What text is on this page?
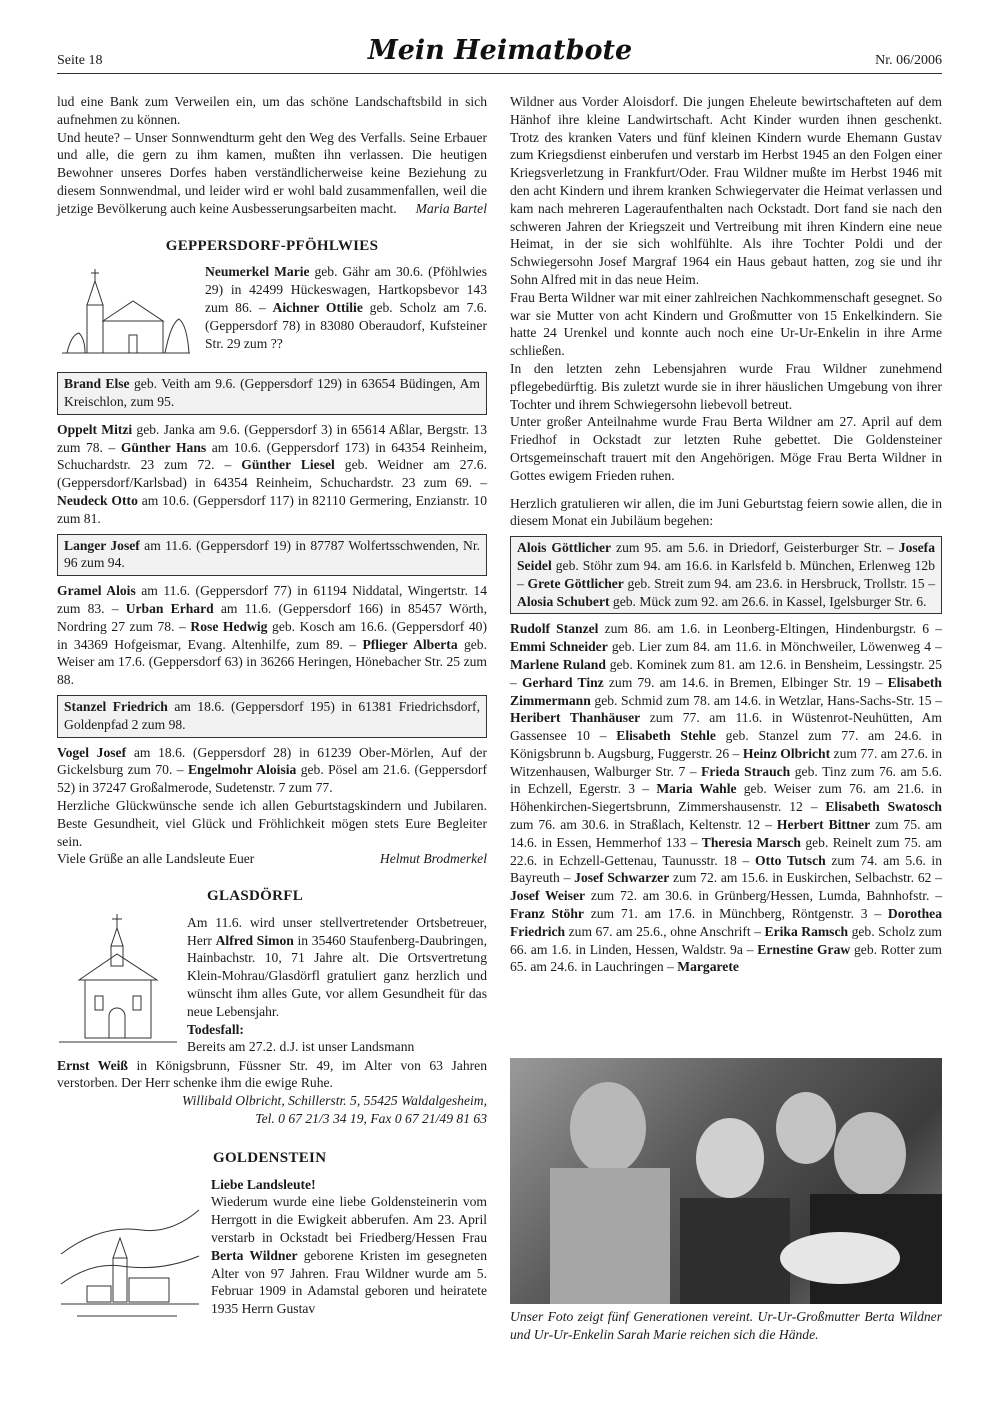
Seite 18	Mein Heimatbote	Nr. 06/2006

lud eine Bank zum Verweilen ein, um das schöne Landschaftsbild in sich aufnehmen zu können.

Und heute? – Unser Sonnwendturm geht den Weg des Verfalls. Seine Erbauer und alle, die gern zu ihm kamen, mußten ihn verlassen. Die heutigen Bewohner unseres Dorfes haben verständlicherweise keine Beziehung zu diesem Sonnwendmal, und leider wird er wohl bald zusammenfallen, weil die jetzige Bevölkerung auch keine Ausbesserungsarbeiten macht. Maria Bartel

GEPPERSDORF-PFÖHLWIES

Neumerkel Marie geb. Gähr am 30.6. (Pföhlwies 29) in 42499 Hückeswagen, Hartkopsbevor 143 zum 86. – Aichner Ottilie geb. Scholz am 7.6. (Geppersdorf 78) in 83080 Oberaudorf, Kufsteiner Str. 29 zum ??

Brand Else geb. Veith am 9.6. (Geppersdorf 129) in 63654 Büdingen, Am Kreischlon, zum 95.

Oppelt Mitzi geb. Janka am 9.6. (Geppersdorf 3) in 65614 Aßlar, Bergstr. 13 zum 78. – Günther Hans am 10.6. (Geppersdorf 173) in 64354 Reinheim, Schuchardstr. 23 zum 72. – Günther Liesel geb. Weidner am 27.6. (Geppersdorf/Karlsbad) in 64354 Reinheim, Schuchardstr. 23 zum 69. – Neudeck Otto am 10.6. (Geppersdorf 117) in 82110 Germering, Enzianstr. 10 zum 81.

Langer Josef am 11.6. (Geppersdorf 19) in 87787 Wolfertsschwenden, Nr. 96 zum 94.

Gramel Alois am 11.6. (Geppersdorf 77) in 61194 Niddatal, Wingertstr. 14 zum 83. – Urban Erhard am 11.6. (Geppersdorf 166) in 85457 Wörth, Nordring 27 zum 78. – Rose Hedwig geb. Kosch am 16.6. (Geppersdorf 40) in 34369 Hofgeismar, Evang. Altenhilfe, zum 89. – Pflieger Alberta geb. Weiser am 17.6. (Geppersdorf 63) in 36266 Heringen, Hönebacher Str. 25 zum 88.

Stanzel Friedrich am 18.6. (Geppersdorf 195) in 61381 Friedrichsdorf, Goldenpfad 2 zum 98.

Vogel Josef am 18.6. (Geppersdorf 28) in 61239 Ober-Mörlen, Auf der Gickelsburg zum 70. – Engelmohr Aloisia geb. Pösel am 21.6. (Geppersdorf 52) in 37247 Großalmerode, Sudetenstr. 7 zum 77.

Herzliche Glückwünsche sende ich allen Geburtstagskindern und Jubilaren. Beste Gesundheit, viel Glück und Fröhlichkeit mögen stets Eure Begleiter sein.

Viele Grüße an alle Landsleute Euer	Helmut Brodmerkel

GLASDÖRFL

Am 11.6. wird unser stellvertretender Ortsbetreuer, Herr Alfred Simon in 35460 Staufenberg-Daubringen, Hainbachstr. 10, 71 Jahre alt. Die Ortsvertretung Klein-Mohrau/Glasdörfl gratuliert ganz herzlich und wünscht ihm alles Gute, vor allem Gesundheit für das neue Lebensjahr.

Todesfall:

Bereits am 27.2. d.J. ist unser Landsmann

Ernst Weiß in Königsbrunn, Füssner Str. 49, im Alter von 63 Jahren verstorben. Der Herr schenke ihm die ewige Ruhe.

Willibald Olbricht, Schillerstr. 5, 55425 Waldalgesheim,

Tel. 0 67 21/3 34 19, Fax 0 67 21/49 81 63

GOLDENSTEIN

Liebe Landsleute!

Wiederum wurde eine liebe Goldensteinerin vom Herrgott in die Ewigkeit abberufen. Am 23. April verstarb in Ockstadt bei Friedberg/Hessen Frau Berta Wildner geborene Kristen im gesegneten Alter von 97 Jahren. Frau Wildner wurde am 5. Februar 1909 in Adamstal geboren und heiratete 1935 Herrn Gustav

Wildner aus Vorder Aloisdorf. Die jungen Eheleute bewirtschafteten auf dem Hänhof ihre kleine Landwirtschaft. Acht Kinder wurden ihnen geschenkt. Trotz des kranken Vaters und fünf kleinen Kindern wurde Ehemann Gustav zum Kriegsdienst einberufen und verstarb im Herbst 1945 an den Folgen einer Kriegsverletzung in Frankfurt/Oder. Frau Wildner mußte im Herbst 1946 mit den acht Kindern und ihrem kranken Schwiegervater die Heimat verlassen und kam nach mehreren Lageraufenthalten nach Ockstadt. Dort fand sie nach den schweren Jahren der Kriegszeit und Vertreibung mit ihren Kindern eine neue Heimat, in der sie sich wohlfühlte. Als ihre Tochter Poldi und der Schwiegersohn Josef Margraf 1964 ein Haus gebaut hatten, zog sie und ihr Sohn Alfred mit in das neue Heim.

Frau Berta Wildner war mit einer zahlreichen Nachkommenschaft gesegnet. So war sie Mutter von acht Kindern und Großmutter von 15 Enkelkindern. Sie hatte 24 Urenkel und konnte auch noch eine Ur-Ur-Enkelin in ihre Arme schließen.

In den letzten zehn Lebensjahren wurde Frau Wildner zunehmend pflegebedürftig. Bis zuletzt wurde sie in ihrer häuslichen Umgebung von ihrer Tochter und ihrem Schwiegersohn liebevoll betreut.

Unter großer Anteilnahme wurde Frau Berta Wildner am 27. April auf dem Friedhof in Ockstadt zur letzten Ruhe gebettet. Die Goldensteiner Ortsgemeinschaft trauert mit den Angehörigen. Möge Frau Berta Wildner in Gottes ewigem Frieden ruhen.

Herzlich gratulieren wir allen, die im Juni Geburtstag feiern sowie allen, die in diesem Monat ein Jubiläum begehen:

Alois Göttlicher zum 95. am 5.6. in Driedorf, Geisterburger Str. – Josefa Seidel geb. Stöhr zum 94. am 16.6. in Karlsfeld b. München, Erlenweg 12b – Grete Göttlicher geb. Streit zum 94. am 23.6. in Hersbruck, Trollstr. 15 – Alosia Schubert geb. Mück zum 92. am 26.6. in Kassel, Igelsburger Str. 6.

Rudolf Stanzel zum 86. am 1.6. in Leonberg-Eltingen, Hindenburgstr. 6 – Emmi Schneider geb. Lier zum 84. am 11.6. in Mönchweiler, Löwenweg 4 – Marlene Ruland geb. Kominek zum 81. am 12.6. in Bensheim, Lessingstr. 25 – Gerhard Tinz zum 79. am 14.6. in Bremen, Elbinger Str. 19 – Elisabeth Zimmermann geb. Schmid zum 78. am 14.6. in Wetzlar, Hans-Sachs-Str. 15 – Heribert Thanhäuser zum 77. am 11.6. in Wüstenrot-Neuhütten, Am Gassensee 10 – Elisabeth Stehle geb. Stanzel zum 77. am 24.6. in Königsbrunn b. Augsburg, Fuggerstr. 26 – Heinz Olbricht zum 77. am 27.6. in Witzenhausen, Walburger Str. 7 – Frieda Strauch geb. Tinz zum 76. am 5.6. in Echzell, Egerstr. 3 – Maria Wahle geb. Weiser zum 76. am 21.6. in Höhenkirchen-Siegertsbrunn, Zimmershausenstr. 12 – Elisabeth Swatosch zum 76. am 30.6. in Straßlach, Keltenstr. 12 – Herbert Bittner zum 75. am 14.6. in Essen, Hemmerhof 133 – Theresia Marsch geb. Reinelt zum 75. am 22.6. in Echzell-Gettenau, Taunusstr. 18 – Otto Tutsch zum 74. am 5.6. in Bayreuth – Josef Schwarzer zum 72. am 15.6. in Euskirchen, Selbachstr. 62 – Josef Weiser zum 72. am 30.6. in Grünberg/Hessen, Lumda, Bahnhofstr. – Franz Stöhr zum 71. am 17.6. in Münchberg, Röntgenstr. 3 – Dorothea Friedrich zum 67. am 25.6., ohne Anschrift – Erika Ramsch geb. Scholz zum 66. am 1.6. in Linden, Hessen, Waldstr. 9a – Ernestine Graw geb. Rotter zum 65. am 24.6. in Lauchringen – Margarete

Unser Foto zeigt fünf Generationen vereint. Ur-Ur-Großmutter Berta Wildner und Ur-Ur-Enkelin Sarah Marie reichen sich die Hände.
